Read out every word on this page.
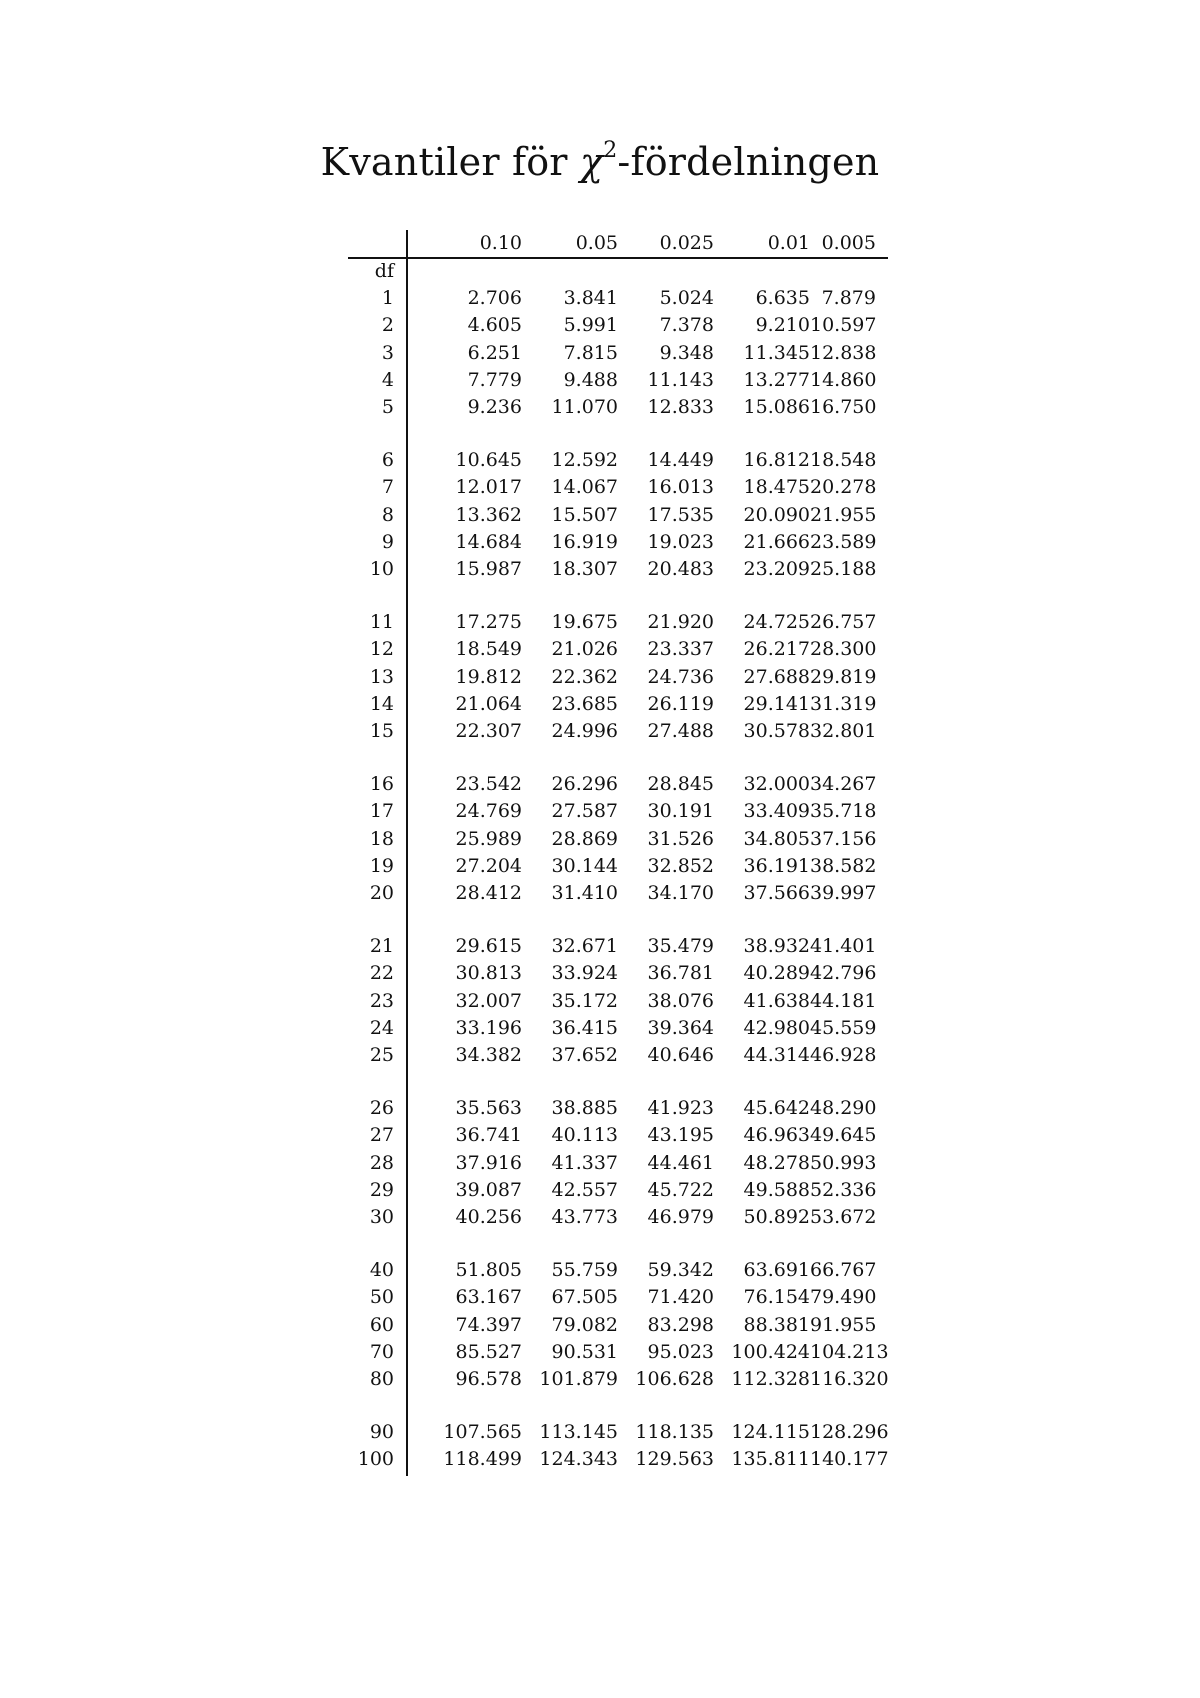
Kvantiler för $\chi^2$-fördelningen
0.10	0.05	0.025	0.01 0.005
df
1	2.706	3.841	5.024	6.635 7.879
2	4.605	5.991	7.378	9.210 10.597
3	6.251	7.815	9.348	11.345 12.838
4	7.779	9.488	11.143	13.277 14.860
5	9.236	11.070	12.833	15.086 16.750
6	10.645	12.592	14.449	16.812 18.548
7	12.017	14.067	16.013	18.475 20.278
8	13.362	15.507	17.535	20.090 21.955
9	14.684	16.919	19.023	21.666 23.589
10	15.987	18.307	20.483	23.209 25.188
11	17.275	19.675	21.920	24.725 26.757
12	18.549	21.026	23.337	26.217 28.300
13	19.812	22.362	24.736	27.688 29.819
14	21.064	23.685	26.119	29.141 31.319
15	22.307	24.996	27.488	30.578 32.801
16	23.542	26.296	28.845	32.000 34.267
17	24.769	27.587	30.191	33.409 35.718
18	25.989	28.869	31.526	34.805 37.156
19	27.204	30.144	32.852	36.191 38.582
20	28.412	31.410	34.170	37.566 39.997
21	29.615	32.671	35.479	38.932 41.401
22	30.813	33.924	36.781	40.289 42.796
23	32.007	35.172	38.076	41.638 44.181
24	33.196	36.415	39.364	42.980 45.559
25	34.382	37.652	40.646	44.314 46.928
26	35.563	38.885	41.923	45.642 48.290
27	36.741	40.113	43.195	46.963 49.645
28	37.916	41.337	44.461	48.278 50.993
29	39.087	42.557	45.722	49.588 52.336
30	40.256	43.773	46.979	50.892 53.672
40	51.805	55.759	59.342	63.691 66.767
50	63.167	67.505	71.420	76.154 79.490
60	74.397	79.082	83.298	88.381 91.955
70	85.527	90.531	95.023 100.424 104.213
80	96.578 101.879 106.628 112.328 116.320
90	107.565 113.145 118.135 124.115 128.296
100	118.499 124.343 129.563 135.811 140.177
